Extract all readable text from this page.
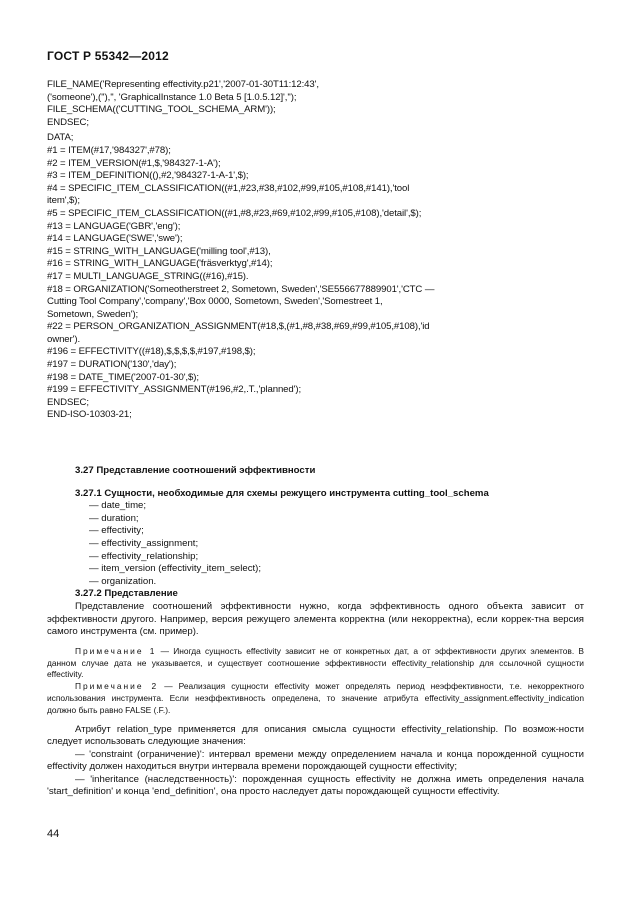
ГОСТ Р 55342—2012
FILE_NAME('Representing effectivity.p21','2007-01-30T11:12:43',
('someone'),(''),'', 'GraphicalInstance 1.0 Beta 5 [1.0.5.12]','');
FILE_SCHEMA(('CUTTING_TOOL_SCHEMA_ARM'));
ENDSEC;
DATA;
#1 = ITEM(#17,'984327',#78);
#2 = ITEM_VERSION(#1,$,'984327-1-A');
#3 = ITEM_DEFINITION((),#2,'984327-1-A-1',$);
#4 = SPECIFIC_ITEM_CLASSIFICATION((#1,#23,#38,#102,#99,#105,#108,#141),'tool
item',$);
#5 = SPECIFIC_ITEM_CLASSIFICATION((#1,#8,#23,#69,#102,#99,#105,#108),'detail',$);
#13 = LANGUAGE('GBR','eng');
#14 = LANGUAGE('SWE','swe');
#15 = STRING_WITH_LANGUAGE('milling tool',#13),
#16 = STRING_WITH_LANGUAGE('fräsverktyg',#14);
#17 = MULTI_LANGUAGE_STRING((#16),#15).
#18 = ORGANIZATION('Someotherstreet 2, Sometown, Sweden','SE556677889901','CTC —
Cutting Tool Company','company','Box 0000, Sometown, Sweden','Somestreet 1,
Sometown, Sweden');
#22 = PERSON_ORGANIZATION_ASSIGNMENT(#18,$,(#1,#8,#38,#69,#99,#105,#108),'id
owner').
#196 = EFFECTIVITY((#18),$,$,$,$,#197,#198,$);
#197 = DURATION('130','day');
#198 = DATE_TIME('2007-01-30',$);
#199 = EFFECTIVITY_ASSIGNMENT(#196,#2,.T.,'planned');
ENDSEC;
END-ISO-10303-21;
3.27 Представление соотношений эффективности
3.27.1 Сущности, необходимые для схемы режущего инструмента cutting_tool_schema
— date_time;
— duration;
— effectivity;
— effectivity_assignment;
— effectivity_relationship;
— item_version (effectivity_item_select);
— organization.
3.27.2 Представление
Представление соотношений эффективности нужно, когда эффективность одного объекта зависит от эффективности другого. Например, версия режущего элемента корректна (или некорректна), если коррек-тна версия самого инструмента (см. пример).
Примечание 1 — Иногда сущность effectivity зависит не от конкретных дат, а от эффективности других элементов. В данном случае дата не указывается, и существует соотношение эффективности effectivity_relationship для ссылочной сущности effectivity.
Примечание 2 — Реализация сущности effectivity может определять период неэффективности, т.е. некорректного использования инструмента. Если неэффективность определена, то значение атрибута effectivity_assignment.effectivity_indication должно быть равно FALSE (.F.).
Атрибут relation_type применяется для описания смысла сущности effectivity_relationship. По возмож-ности следует использовать следующие значения:
— 'constraint (ограничение)': интервал времени между определением начала и конца порожденной сущности effectivity должен находиться внутри интервала времени порождающей сущности effectivity;
— 'inheritance (наследственность)': порожденная сущность effectivity не должна иметь определения начала 'start_definition' и конца 'end_definition', она просто наследует даты порождающей сущности effectivity.
44
